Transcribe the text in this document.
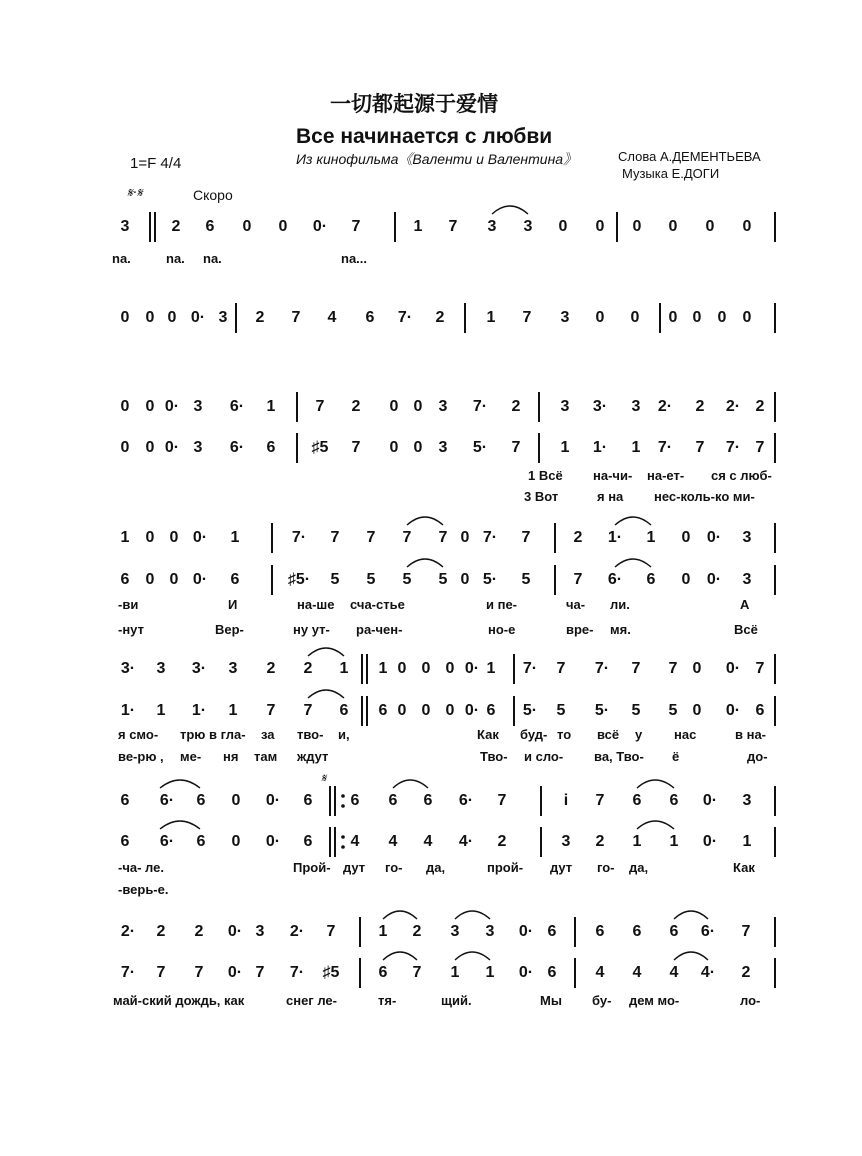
一切都起源于爱情
Все начинается с любви
Из кинофильма《Валенти и Валентина》	Слова А.ДЕМЕНТЬЕВА
Музыка Е.ДОГИ
1=F 4/4
𝄋·𝄋	Скоро
3	2 6 0 0 0· 7	1 7 3 3 0 0 0 0 0 0
0 0 0 0· 3 2 7 4 6 7· 2	1 7 3 0 0 0 0 0 0
0 0 0· 3 6· 1	7 2 0 0 3 7· 2	3 3· 3 2· 2 2· 2
0 0 0· 3 6· 6 ♯5 7 0 0 3 5· 7	1 1· 1 7· 7 7· 7
1 0 0 0· 1	7· 7 7 7 7 0 7· 7	2 1· 1 0 0· 3
6 0 0 0· 6	♯5· 5 5 5 5 0 5· 5	7 6· 6 0 0· 3
3· 3 3· 3 2 2 1 1 0 0 0 0· 1 7· 7 7· 7 7 0 0· 7
1· 1 1· 1 7 7 6 6 0 0 0 0· 6 5· 5 5· 5 5 0 0· 6
6 6· 6 0 0· 6 6 6 6 6· 7	i 7 6 6 0· 3
6 6· 6 0 0· 6 4 4 4 4· 2	3 2 1 1 0· 1
2· 2 2 0· 3 2· 7	1 2 3 3 0· 6 6 6 6 6· 7
7· 7 7 0· 7 7· ♯5 6 7 1 1 0· 6 4 4 4 4· 2
na.	na. na.	na...
1 Всё на-чи- на-ет- ся с люб-
3 Вот	я на нес-коль-ко ми-
-ви	И	на-ше сча-стье	и пе-	ча- ли.	А
-нут	Вер-	ну ут- ра-чен-	но-е	вре- мя.	Всё
я смо- трю в гла- за тво- и,	Как буд- то всё у нас	в на-
ве-рю , ме- ня там ждут	Тво- и сло- ва, Тво- ё	до-
-ча- ле.	Прой- дут го- да,	прой- дут го- да,	Как
-верь-е.
май-ский дождь, как	снег ле-	тя-	щий.	Мы бу- дем мо-	ло-
𝄋
